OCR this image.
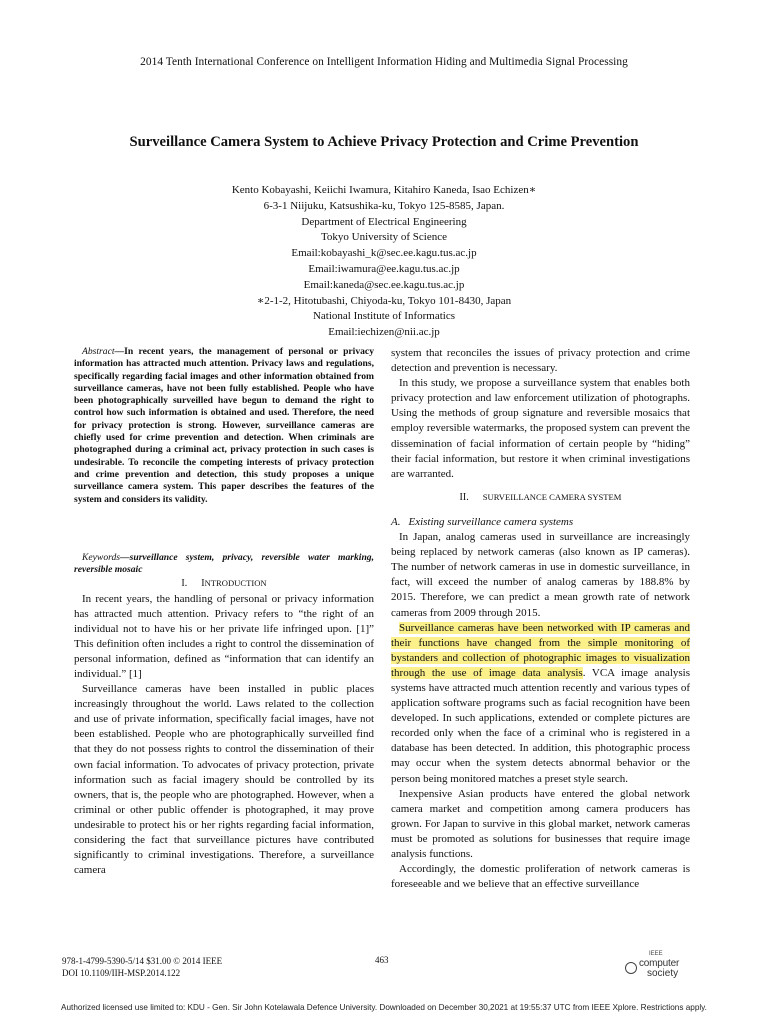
2014 Tenth International Conference on Intelligent Information Hiding and Multimedia Signal Processing
Surveillance Camera System to Achieve Privacy Protection and Crime Prevention
Kento Kobayashi, Keiichi Iwamura, Kitahiro Kaneda, Isao Echizen∗
6-3-1 Niijuku, Katsushika-ku, Tokyo 125-8585, Japan.
Department of Electrical Engineering
Tokyo University of Science
Email:kobayashi_k@sec.ee.kagu.tus.ac.jp
Email:iwamura@ee.kagu.tus.ac.jp
Email:kaneda@sec.ee.kagu.tus.ac.jp
∗2-1-2, Hitotubashi, Chiyoda-ku, Tokyo 101-8430, Japan
National Institute of Informatics
Email:iechizen@nii.ac.jp

Abstract—In recent years, the management of personal or privacy information has attracted much attention. Privacy laws and regulations, specifically regarding facial images and other information obtained from surveillance cameras, have not been fully established. People who have been photographically surveilled have begun to demand the right to control how such information is obtained and used. Therefore, the need for privacy protection is strong. However, surveillance cameras are chiefly used for crime prevention and detection. When criminals are photographed during a criminal act, privacy protection in such cases is undesirable. To reconcile the competing interests of privacy protection and crime prevention and detection, this study proposes a unique surveillance camera system. This paper describes the features of the system and considers its validity.

Keywords—surveillance system, privacy, reversible water marking, reversible mosaic

I. INTRODUCTION

In recent years, the handling of personal or privacy information has attracted much attention. Privacy refers to “the right of an individual not to have his or her private life infringed upon. [1]” This definition often includes a right to control the dissemination of personal information, defined as “information that can identify an individual.” [1]

Surveillance cameras have been installed in public places increasingly throughout the world. Laws related to the collection and use of private information, specifically facial images, have not been established. People who are photographically surveilled find that they do not possess rights to control the dissemination of their own facial information. To advocates of privacy protection, private information such as facial imagery should be controlled by its owners, that is, the people who are photographed. However, when a criminal or other public offender is photographed, it may prove undesirable to protect his or her rights regarding facial information, considering the fact that surveillance pictures have contributed significantly to criminal investigations. Therefore, a surveillance camera

system that reconciles the issues of privacy protection and crime detection and prevention is necessary.

In this study, we propose a surveillance system that enables both privacy protection and law enforcement utilization of photographs. Using the methods of group signature and reversible mosaics that employ reversible watermarks, the proposed system can prevent the dissemination of facial information of certain people by “hiding” their facial information, but restore it when criminal investigations are warranted.

II. SURVEILLANCE CAMERA SYSTEM

A. Existing surveillance camera systems

In Japan, analog cameras used in surveillance are increasingly being replaced by network cameras (also known as IP cameras). The number of network cameras in use in domestic surveillance, in fact, will exceed the number of analog cameras by 188.8% by 2015. Therefore, we can predict a mean growth rate of network cameras from 2009 through 2015.

Surveillance cameras have been networked with IP cameras and their functions have changed from the simple monitoring of bystanders and collection of photographic images to visualization through the use of image data analysis. VCA image analysis systems have attracted much attention recently and various types of application software programs such as facial recognition have been developed. In such applications, extended or complete pictures are recorded only when the face of a criminal who is registered in a database has been detected. In addition, this photographic process may occur when the system detects abnormal behavior or the person being monitored matches a preset style search.

Inexpensive Asian products have entered the global network camera market and competition among camera producers has grown. For Japan to survive in this global market, network cameras must be promoted as solutions for businesses that require image analysis functions.

Accordingly, the domestic proliferation of network cameras is foreseeable and we believe that an effective surveillance

978-1-4799-5390-5/14 $31.00 © 2014 IEEE
DOI 10.1109/IIH-MSP.2014.122
463
IEEE
computer
society
Authorized licensed use limited to: KDU - Gen. Sir John Kotelawala Defence University. Downloaded on December 30,2021 at 19:55:37 UTC from IEEE Xplore. Restrictions apply.
